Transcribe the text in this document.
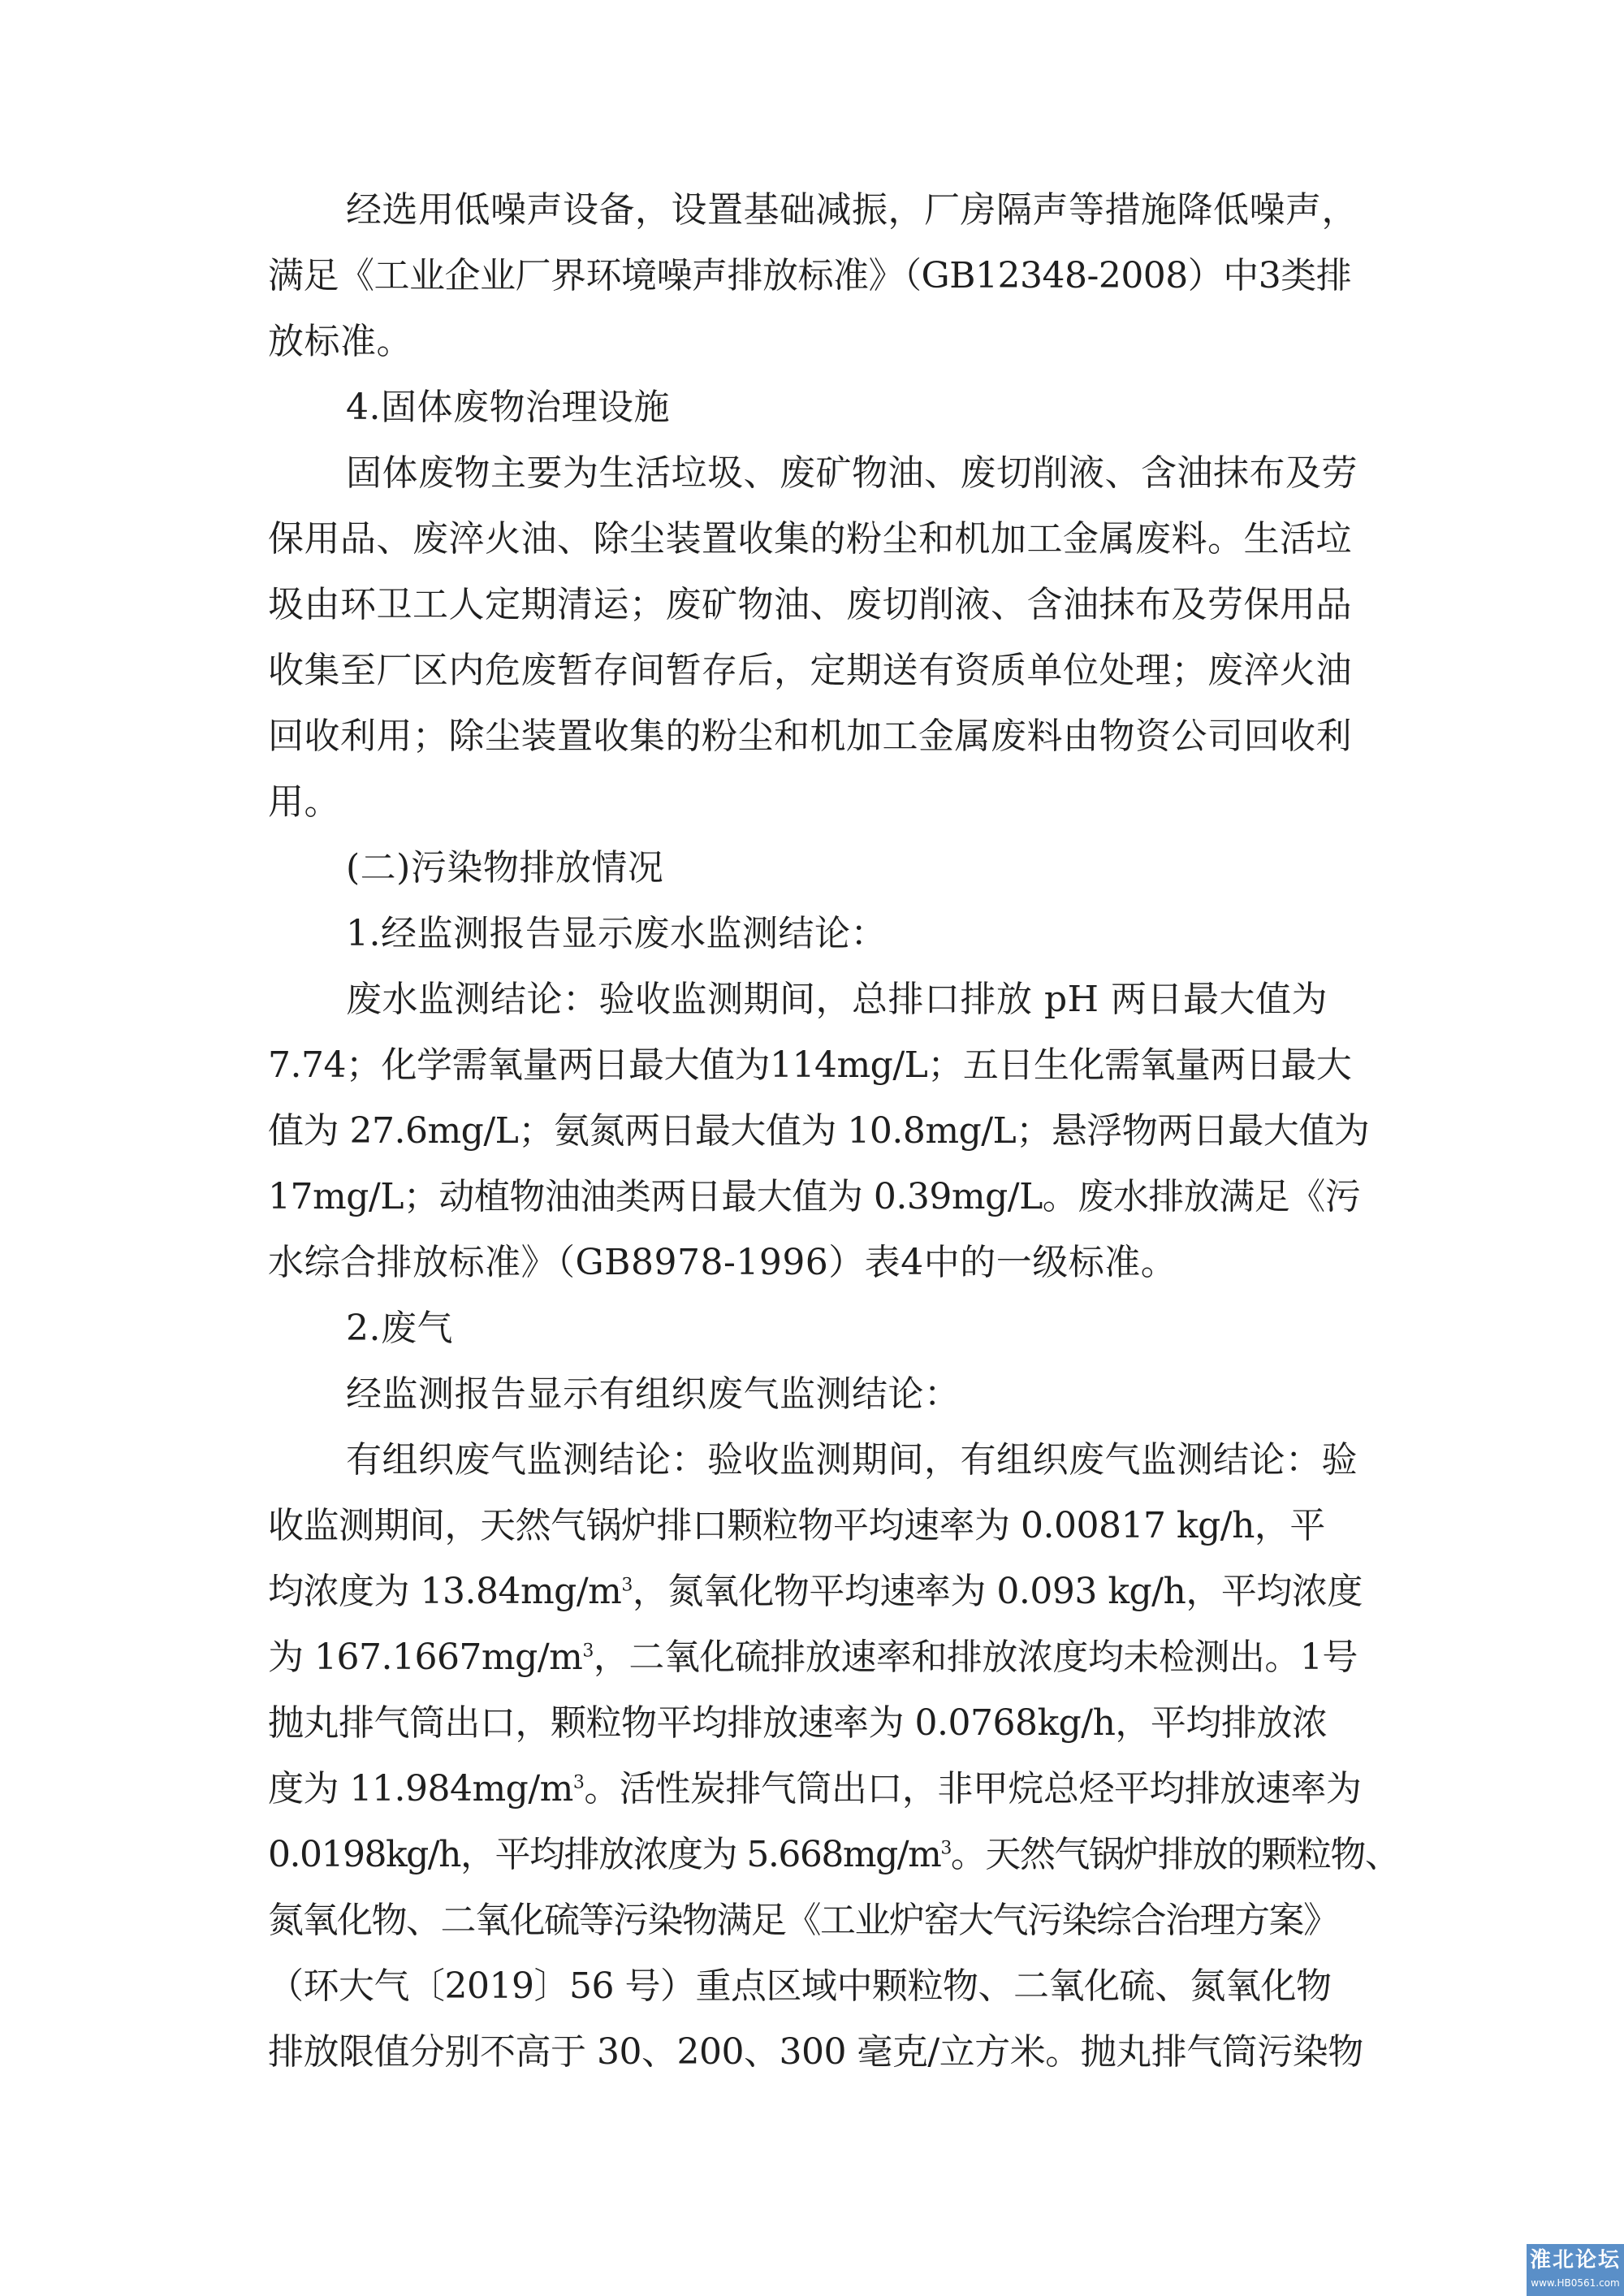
经选用低噪声设备，设置基础减振，厂房隔声等措施降低噪声，
满足《工业企业厂界环境噪声排放标准》（GB12348-2008）中3类排
放标准。
4.固体废物治理设施
固体废物主要为生活垃圾、废矿物油、废切削液、含油抹布及劳
保用品、废淬火油、除尘装置收集的粉尘和机加工金属废料。生活垃
圾由环卫工人定期清运；废矿物油、废切削液、含油抹布及劳保用品
收集至厂区内危废暂存间暂存后，定期送有资质单位处理；废淬火油
回收利用；除尘装置收集的粉尘和机加工金属废料由物资公司回收利
用。
(二)污染物排放情况
1.经监测报告显示废水监测结论：
废水监测结论：验收监测期间，总排口排放 pH 两日最大值为
7.74；化学需氧量两日最大值为114mg/L；五日生化需氧量两日最大
值为 27.6mg/L；氨氮两日最大值为 10.8mg/L；悬浮物两日最大值为
17mg/L；动植物油油类两日最大值为 0.39mg/L。废水排放满足《污
水综合排放标准》（GB8978-1996）表4中的一级标准。
2.废气
经监测报告显示有组织废气监测结论：
有组织废气监测结论：验收监测期间，有组织废气监测结论：验
收监测期间，天然气锅炉排口颗粒物平均速率为 0.00817 kg/h，平
均浓度为 $13.84mg/m^3$，氮氧化物平均速率为 0.093 kg/h，平均浓度
为 $167.1667mg/m^3$，二氧化硫排放速率和排放浓度均未检测出。1号
抛丸排气筒出口，颗粒物平均排放速率为 0.0768kg/h，平均排放浓
度为 $11.984mg/m^3$。活性炭排气筒出口，非甲烷总烃平均排放速率为
0.0198kg/h，平均排放浓度为 $5.668mg/m^3$。天然气锅炉排放的颗粒物、
氮氧化物、二氧化硫等污染物满足《工业炉窑大气污染综合治理方案》
（环大气〔2019〕56 号）重点区域中颗粒物、二氧化硫、氮氧化物
排放限值分别不高于 30、200、300 毫克/立方米。抛丸排气筒污染物
淮北论坛
www.HB0561.com
